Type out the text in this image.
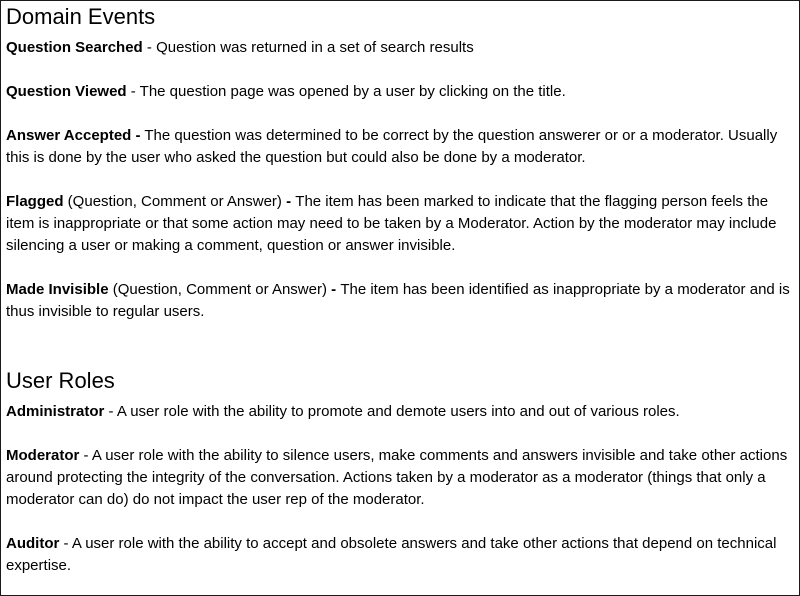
Domain Events

Question Searched - Question was returned in a set of search results

Question Viewed - The question page was opened by a user by clicking on the title.

Answer Accepted - The question was determined to be correct by the question answerer or or a moderator. Usually this is done by the user who asked the question but could also be done by a moderator.

Flagged (Question, Comment or Answer) - The item has been marked to indicate that the flagging person feels the item is inappropriate or that some action may need to be taken by a Moderator. Action by the moderator may include silencing a user or making a comment, question or answer invisible.

Made Invisible (Question, Comment or Answer) - The item has been identified as inappropriate by a moderator and is thus invisible to regular users.

User Roles

Administrator - A user role with the ability to promote and demote users into and out of various roles.

Moderator - A user role with the ability to silence users, make comments and answers invisible and take other actions around protecting the integrity of the conversation. Actions taken by a moderator as a moderator (things that only a moderator can do) do not impact the user rep of the moderator.

Auditor - A user role with the ability to accept and obsolete answers and take other actions that depend on technical expertise.
